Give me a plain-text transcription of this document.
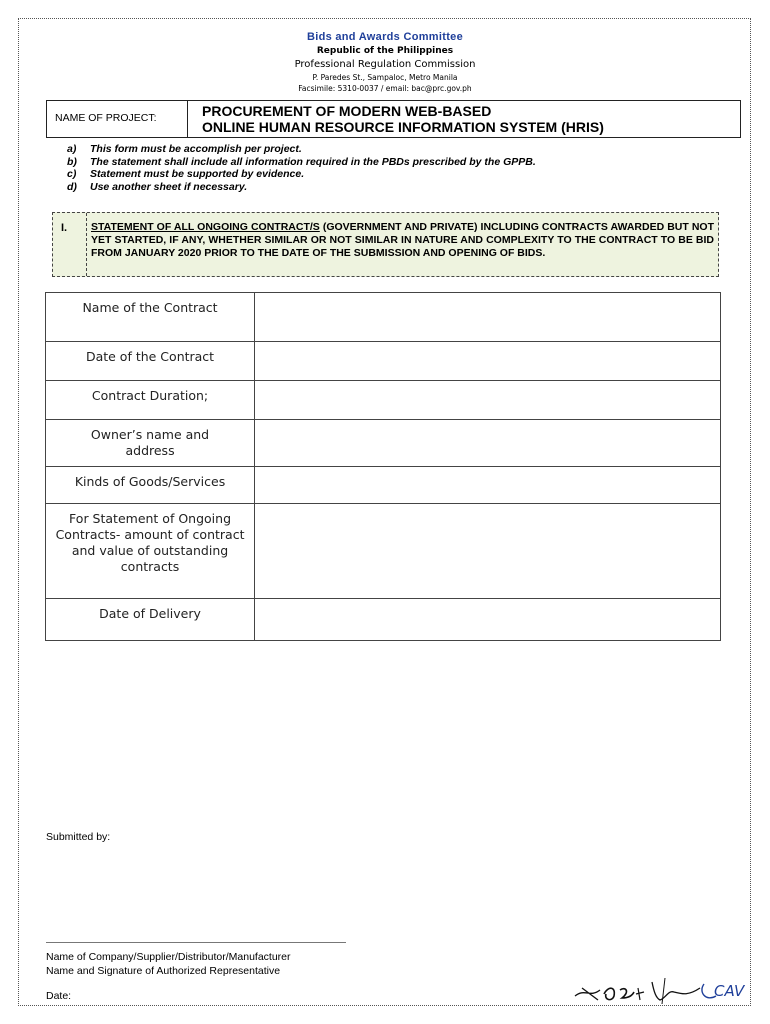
Bids and Awards Committee
Republic of the Philippines
Professional Regulation Commission
P. Paredes St., Sampaloc, Metro Manila
Facsimile: 5310-0037 / email: bac@prc.gov.ph
NAME OF PROJECT:	PROCUREMENT OF MODERN WEB-BASED
ONLINE HUMAN RESOURCE INFORMATION SYSTEM (HRIS)
a)	This form must be accomplish per project.
b)	The statement shall include all information required in the PBDs prescribed by the GPPB.
c)	Statement must be supported by evidence.
d)	Use another sheet if necessary.
I. STATEMENT OF ALL ONGOING CONTRACT/S (GOVERNMENT AND PRIVATE) INCLUDING CONTRACTS AWARDED BUT NOT YET STARTED, IF ANY, WHETHER SIMILAR OR NOT SIMILAR IN NATURE AND COMPLEXITY TO THE CONTRACT TO BE BID FROM JANUARY 2020 PRIOR TO THE DATE OF THE SUBMISSION AND OPENING OF BIDS.
Name of the Contract	
Date of the Contract	
Contract Duration;	
Owner’s name and address	
Kinds of Goods/Services	
For Statement of Ongoing Contracts- amount of contract and value of outstanding contracts	
Date of Delivery	
Submitted by:
Name of Company/Supplier/Distributor/Manufacturer
Name and Signature of Authorized Representative
Date:	CAV
